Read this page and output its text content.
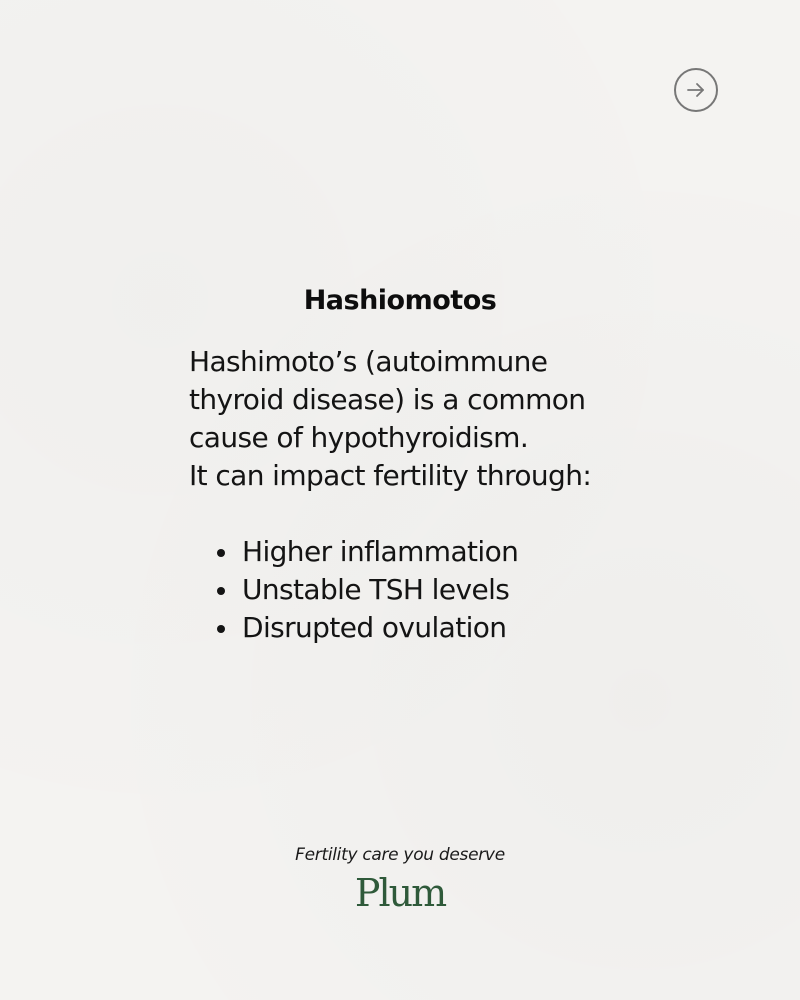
Hashiomotos

Hashimoto’s (autoimmune thyroid disease) is a common cause of hypothyroidism.

It can impact fertility through:

Higher inflammation
Unstable TSH levels
Disrupted ovulation
Fertility care you deserve
Plum
